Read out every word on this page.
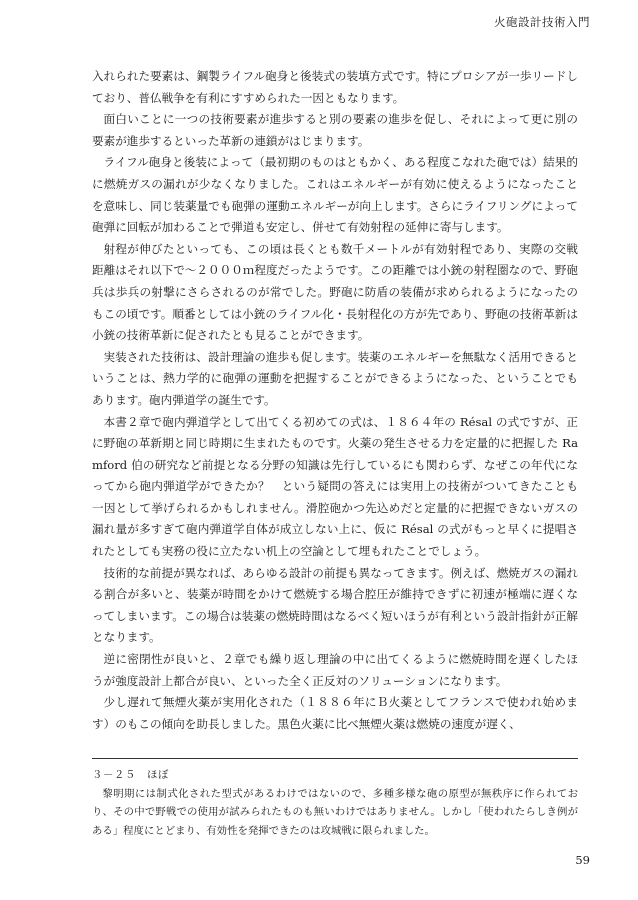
火砲設計技術入門

入れられた要素は、鋼製ライフル砲身と後装式の装填方式です。特にプロシアが一歩リードしており、普仏戦争を有利にすすめられた一因ともなります。

面白いことに一つの技術要素が進歩すると別の要素の進歩を促し、それによって更に別の要素が進歩するといった革新の連鎖がはじまります。

ライフル砲身と後装によって（最初期のものはともかく、ある程度こなれた砲では）結果的に燃焼ガスの漏れが少なくなりました。これはエネルギーが有効に使えるようになったことを意味し、同じ装薬量でも砲弾の運動エネルギーが向上します。さらにライフリングによって砲弾に回転が加わることで弾道も安定し、併せて有効射程の延伸に寄与します。

射程が伸びたといっても、この頃は長くとも数千メートルが有効射程であり、実際の交戦距離はそれ以下で～２０００ｍ程度だったようです。この距離では小銃の射程圏なので、野砲兵は歩兵の射撃にさらされるのが常でした。野砲に防盾の装備が求められるようになったのもこの頃です。順番としては小銃のライフル化・長射程化の方が先であり、野砲の技術革新は小銃の技術革新に促されたとも見ることができます。

実装された技術は、設計理論の進歩も促します。装薬のエネルギーを無駄なく活用できるということは、熱力学的に砲弾の運動を把握することができるようになった、ということでもあります。砲内弾道学の誕生です。

本書２章で砲内弾道学として出てくる初めての式は、１８６４年の Résal の式ですが、正に野砲の革新期と同じ時期に生まれたものです。火薬の発生させる力を定量的に把握した Ramford 伯の研究など前提となる分野の知識は先行しているにも関わらず、なぜこの年代になってから砲内弾道学ができたか？　という疑問の答えには実用上の技術がついてきたことも一因として挙げられるかもしれません。滑腔砲かつ先込めだと定量的に把握できないガスの漏れ量が多すぎて砲内弾道学自体が成立しない上に、仮に Résal の式がもっと早くに提唱されたとしても実務の役に立たない机上の空論として埋もれたことでしょう。

技術的な前提が異なれば、あらゆる設計の前提も異なってきます。例えば、燃焼ガスの漏れる割合が多いと、装薬が時間をかけて燃焼する場合腔圧が維持できずに初速が極端に遅くなってしまいます。この場合は装薬の燃焼時間はなるべく短いほうが有利という設計指針が正解となります。

逆に密閉性が良いと、２章でも繰り返し理論の中に出てくるように燃焼時間を遅くしたほうが強度設計上都合が良い、といった全く正反対のソリューションになります。

少し遅れて無煙火薬が実用化された（１８８６年にＢ火薬としてフランスで使われ始めます）のもこの傾向を助長しました。黒色火薬に比べ無煙火薬は燃焼の速度が遅く、

３－２５　ほぼ

黎明期には制式化された型式があるわけではないので、多種多様な砲の原型が無秩序に作られており、その中で野戦での使用が試みられたものも無いわけではありません。しかし「使われたらしき例がある」程度にとどまり、有効性を発揮できたのは攻城戦に限られました。

59
